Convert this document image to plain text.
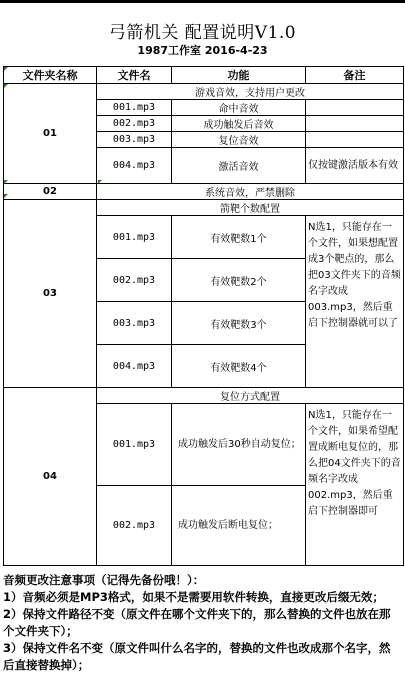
弓箭机关 配置说明V1.0
1987工作室 2016-4-23
文件夹名称	文件名	功能	备注
01	游戏音效，支持用户更改		
	001.mp3	命中音效	
	002.mp3	成功触发后音效	
	003.mp3	复位音效	
	004.mp3	激活音效	仅按键激活版本有效
02	系统音效，严禁删除		
03	箭靶个数配置		
	001.mp3	有效靶数1个	N选1，只能存在一个文件，如果想配置成3个靶点的，那么把03文件夹下的音频名字改成003.mp3，然后重启下控制器就可以了
	002.mp3	有效靶数2个	
	003.mp3	有效靶数3个	
	004.mp3	有效靶数4个	
04	复位方式配置		
	001.mp3	成功触发后30秒自动复位；	N选1，只能存在一个文件，如果希望配置成断电复位的，那么把04文件夹下的音频名字改成002.mp3，然后重启下控制器即可
	002.mp3	成功触发后断电复位；	
音频更改注意事项（记得先备份哦！）：
1）音频必须是MP3格式，如果不是需要用软件转换，直接更改后缀无效；
2）保持文件路径不变（原文件在哪个文件夹下的，那么替换的文件也放在那个文件夹下）；
3）保持文件名不变（原文件叫什么名字的，替换的文件也改成那个名字，然后直接替换掉）；
